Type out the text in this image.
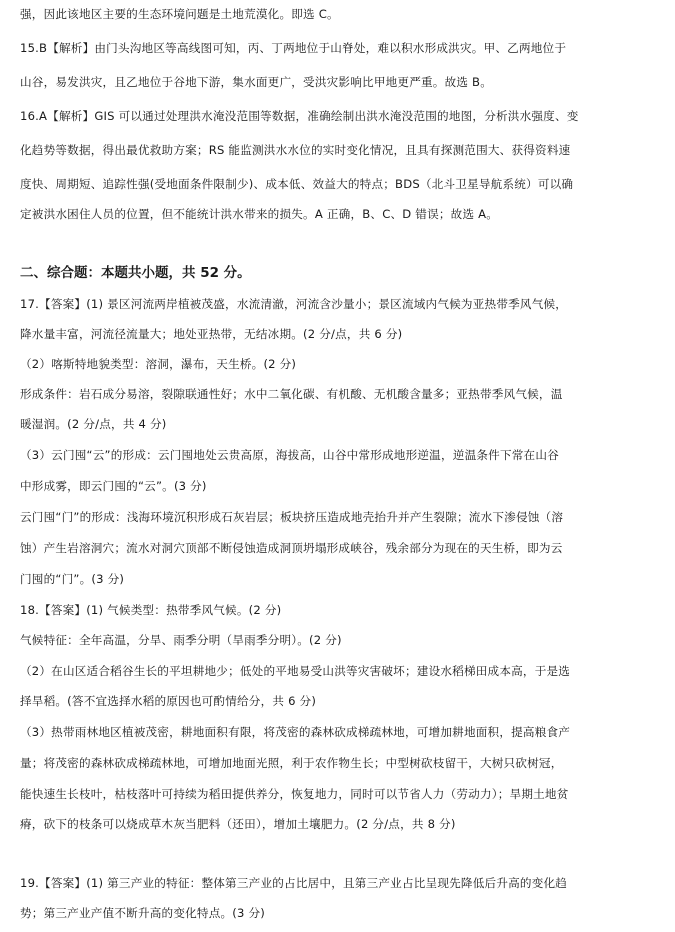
强，因此该地区主要的生态环境问题是土地荒漠化。即选 C。
15.B【解析】由门头沟地区等高线图可知，丙、丁两地位于山脊处，难以积水形成洪灾。甲、乙两地位于
山谷，易发洪灾，且乙地位于谷地下游，集水面更广，受洪灾影响比甲地更严重。故选 B。
16.A【解析】GIS 可以通过处理洪水淹没范围等数据，准确绘制出洪水淹没范围的地图，分析洪水强度、变
化趋势等数据，得出最优救助方案；RS 能监测洪水水位的实时变化情况，且具有探测范围大、获得资料速
度快、周期短、追踪性强(受地面条件限制少)、成本低、效益大的特点；BDS（北斗卫星导航系统）可以确
定被洪水困住人员的位置，但不能统计洪水带来的损失。A 正确，B、C、D 错误；故选 A。
二、综合题：本题共小题，共 52 分。
17.【答案】(1) 景区河流两岸植被茂盛，水流清澈，河流含沙量小；景区流域内气候为亚热带季风气候，
降水量丰富，河流径流量大；地处亚热带，无结冰期。(2 分/点，共 6 分)
（2）喀斯特地貌类型：溶洞，瀑布，天生桥。(2 分)
形成条件：岩石成分易溶，裂隙联通性好；水中二氧化碳、有机酸、无机酸含量多；亚热带季风气候，温
暖湿润。(2 分/点，共 4 分)
（3）云门囤“云”的形成：云门囤地处云贵高原，海拔高，山谷中常形成地形逆温，逆温条件下常在山谷
中形成雾，即云门囤的“云”。(3 分)
云门囤“门”的形成：浅海环境沉积形成石灰岩层；板块挤压造成地壳抬升并产生裂隙；流水下渗侵蚀（溶
蚀）产生岩溶洞穴；流水对洞穴顶部不断侵蚀造成洞顶坍塌形成峡谷，残余部分为现在的天生桥，即为云
门囤的“门”。(3 分)
18.【答案】(1) 气候类型：热带季风气候。(2 分)
气候特征：全年高温，分旱、雨季分明（旱雨季分明）。(2 分)
（2）在山区适合稻谷生长的平坦耕地少；低处的平地易受山洪等灾害破坏；建设水稻梯田成本高，于是选
择旱稻。(答不宜选择水稻的原因也可酌情给分，共 6 分)
（3）热带雨林地区植被茂密，耕地面积有限，将茂密的森林砍成梯疏林地，可增加耕地面积，提高粮食产
量；将茂密的森林砍成梯疏林地，可增加地面光照，利于农作物生长；中型树砍枝留干，大树只砍树冠，
能快速生长枝叶，枯枝落叶可持续为稻田提供养分，恢复地力，同时可以节省人力（劳动力）；旱期土地贫
瘠，砍下的枝条可以烧成草木灰当肥料（还田），增加土壤肥力。(2 分/点，共 8 分)
19.【答案】(1) 第三产业的特征：整体第三产业的占比居中，且第三产业占比呈现先降低后升高的变化趋
势；第三产业产值不断升高的变化特点。(3 分)
